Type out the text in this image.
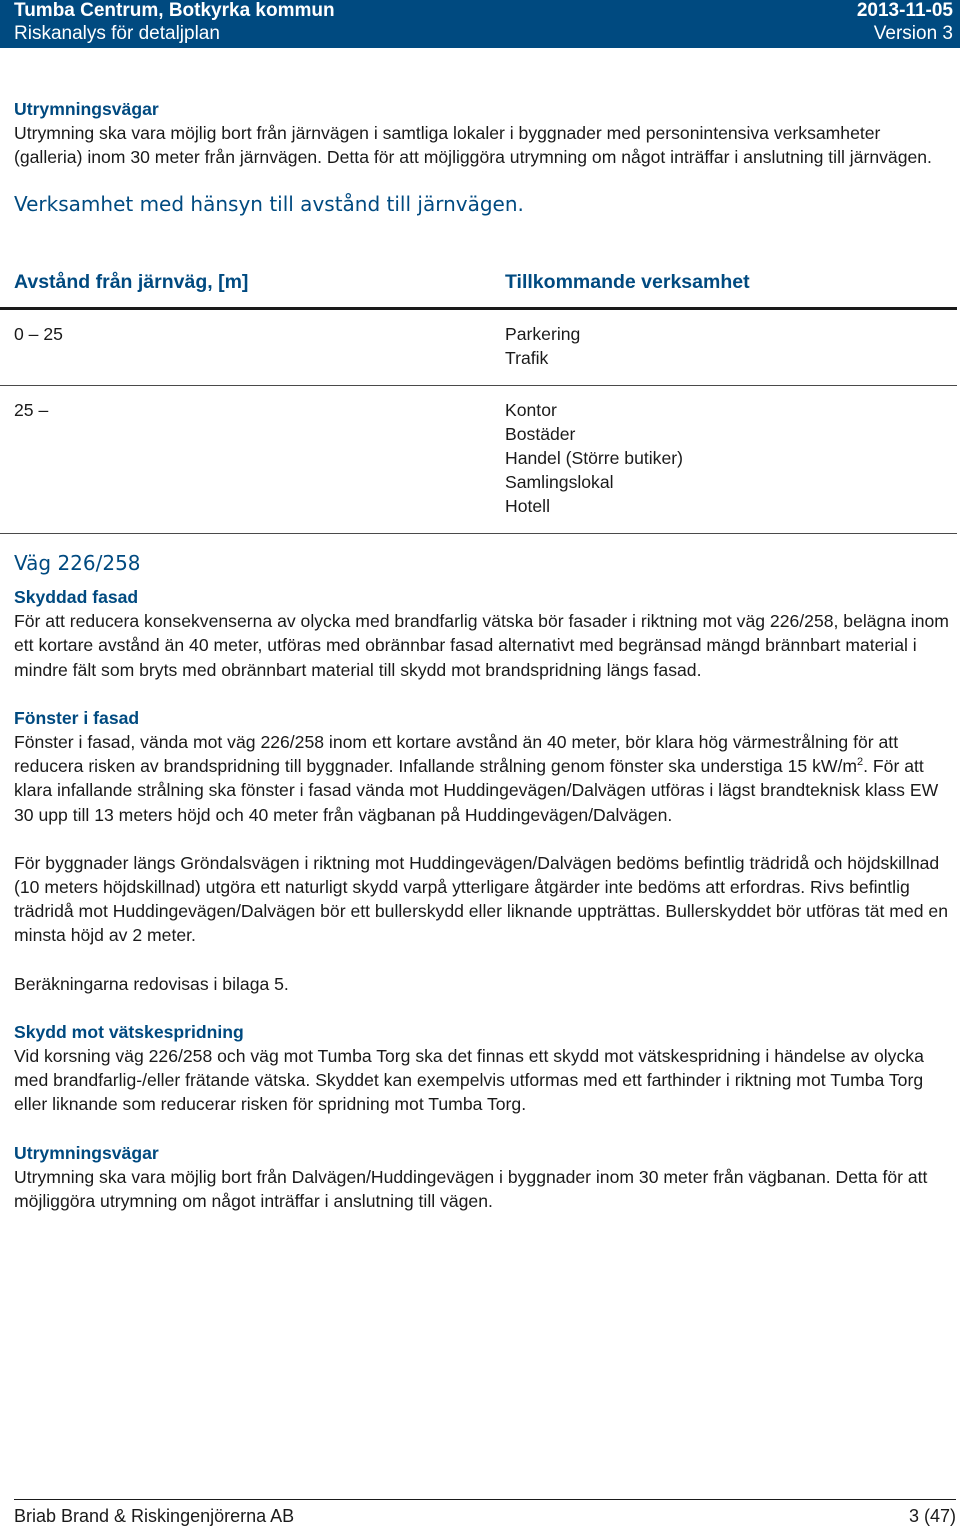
Tumba Centrum, Botkyrka kommun	2013-11-05
Riskanalys för detaljplan	Version 3

Utrymningsvägar

Utrymning ska vara möjlig bort från järnvägen i samtliga lokaler i byggnader med personintensiva verksamheter (galleria) inom 30 meter från järnvägen. Detta för att möjliggöra utrymning om något inträffar i anslutning till järnvägen.

Verksamhet med hänsyn till avstånd till järnvägen.

Avstånd från järnväg, [m]	Tillkommande verksamhet
0 – 25	Parkering
Trafik

25 –	Kontor
Bostäder
Handel (Större butiker)
Samlingslokal
Hotell

Väg 226/258

Skyddad fasad

För att reducera konsekvenserna av olycka med brandfarlig vätska bör fasader i riktning mot väg 226/258, belägna inom ett kortare avstånd än 40 meter, utföras med obrännbar fasad alternativt med begränsad mängd brännbart material i mindre fält som bryts med obrännbart material till skydd mot brandspridning längs fasad.

Fönster i fasad

Fönster i fasad, vända mot väg 226/258 inom ett kortare avstånd än 40 meter, bör klara hög värmestrålning för att reducera risken av brandspridning till byggnader. Infallande strålning genom fönster ska understiga 15 $kW/m^2$. För att klara infallande strålning ska fönster i fasad vända mot Huddingevägen/Dalvägen utföras i lägst brandteknisk klass EW 30 upp till 13 meters höjd och 40 meter från vägbanan på Huddingevägen/Dalvägen.

För byggnader längs Gröndalsvägen i riktning mot Huddingevägen/Dalvägen bedöms befintlig trädridå och höjdskillnad (10 meters höjdskillnad) utgöra ett naturligt skydd varpå ytterligare åtgärder inte bedöms att erfordras. Rivs befintlig trädridå mot Huddingevägen/Dalvägen bör ett bullerskydd eller liknande uppträttas. Bullerskyddet bör utföras tät med en minsta höjd av 2 meter.

Beräkningarna redovisas i bilaga 5.

Skydd mot vätskespridning

Vid korsning väg 226/258 och väg mot Tumba Torg ska det finnas ett skydd mot vätskespridning i händelse av olycka med brandfarlig-/eller frätande vätska. Skyddet kan exempelvis utformas med ett farthinder i riktning mot Tumba Torg eller liknande som reducerar risken för spridning mot Tumba Torg.

Utrymningsvägar

Utrymning ska vara möjlig bort från Dalvägen/Huddingevägen i byggnader inom 30 meter från vägbanan. Detta för att möjliggöra utrymning om något inträffar i anslutning till vägen.

Briab Brand & Riskingenjörerna AB	3 (47)
